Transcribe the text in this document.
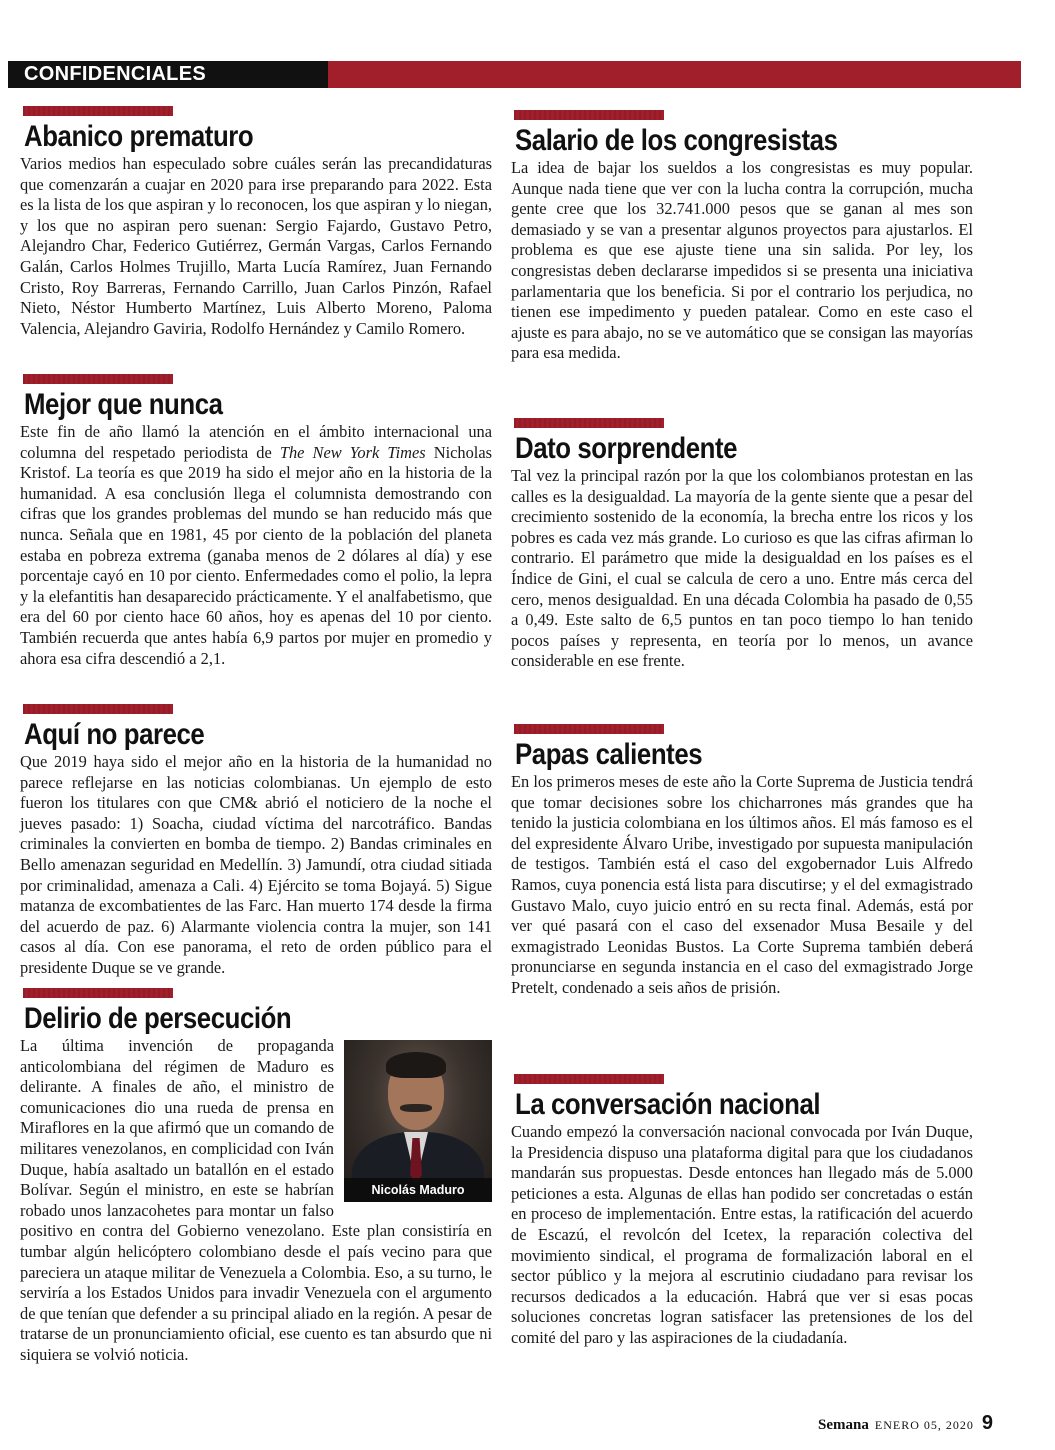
CONFIDENCIALES
Abanico prematuro

Varios medios han especulado sobre cuáles serán las precandidaturas que comenzarán a cuajar en 2020 para irse preparando para 2022. Esta es la lista de los que aspiran y lo reconocen, los que aspiran y lo niegan, y los que no aspiran pero suenan: Sergio Fajardo, Gustavo Petro, Alejandro Char, Federico Gutiérrez, Germán Vargas, Carlos Fernando Galán, Carlos Holmes Trujillo, Marta Lucía Ramírez, Juan Fernando Cristo, Roy Barreras, Fernando Carrillo, Juan Carlos Pinzón, Rafael Nieto, Néstor Humberto Martínez, Luis Alberto Moreno, Paloma Valencia, Alejandro Gaviria, Rodolfo Hernández y Camilo Romero.

Mejor que nunca

Este fin de año llamó la atención en el ámbito internacional una columna del respetado periodista de The New York Times Nicholas Kristof. La teoría es que 2019 ha sido el mejor año en la historia de la humanidad. A esa conclusión llega el columnista demostrando con cifras que los grandes problemas del mundo se han reducido más que nunca. Señala que en 1981, 45 por ciento de la población del planeta estaba en pobreza extrema (ganaba menos de 2 dólares al día) y ese porcentaje cayó en 10 por ciento. Enfermedades como el polio, la lepra y la elefantitis han desaparecido prácticamente. Y el analfabetismo, que era del 60 por ciento hace 60 años, hoy es apenas del 10 por ciento. También recuerda que antes había 6,9 partos por mujer en promedio y ahora esa cifra descendió a 2,1.

Aquí no parece

Que 2019 haya sido el mejor año en la historia de la humanidad no parece reflejarse en las noticias colombianas. Un ejemplo de esto fueron los titulares con que CM& abrió el noticiero de la noche el jueves pasado: 1) Soacha, ciudad víctima del narcotráfico. Bandas criminales la convierten en bomba de tiempo. 2) Bandas criminales en Bello amenazan seguridad en Medellín. 3) Jamundí, otra ciudad sitiada por criminalidad, amenaza a Cali. 4) Ejército se toma Bojayá. 5) Sigue matanza de excombatientes de las Farc. Han muerto 174 desde la firma del acuerdo de paz. 6) Alarmante violencia contra la mujer, son 141 casos al día. Con ese panorama, el reto de orden público para el presidente Duque se ve grande.

Delirio de persecución
Nicolás Maduro

La última invención de propaganda anticolombiana del régimen de Maduro es delirante. A finales de año, el ministro de comunicaciones dio una rueda de prensa en Miraflores en la que afirmó que un comando de militares venezolanos, en complicidad con Iván Duque, había asaltado un batallón en el estado Bolívar. Según el ministro, en este se habrían robado unos lanzacohetes para montar un falso positivo en contra del Gobierno venezolano. Este plan consistiría en tumbar algún helicóptero colombiano desde el país vecino para que pareciera un ataque militar de Venezuela a Colombia. Eso, a su turno, le serviría a los Estados Unidos para invadir Venezuela con el argumento de que tenían que defender a su principal aliado en la región. A pesar de tratarse de un pronunciamiento oficial, ese cuento es tan absurdo que ni siquiera se volvió noticia.

Salario de los congresistas

La idea de bajar los sueldos a los congresistas es muy popular. Aunque nada tiene que ver con la lucha contra la corrupción, mucha gente cree que los 32.741.000 pesos que se ganan al mes son demasiado y se van a presentar algunos proyectos para ajustarlos. El problema es que ese ajuste tiene una sin salida. Por ley, los congresistas deben declararse impedidos si se presenta una iniciativa parlamentaria que los beneficia. Si por el contrario los perjudica, no tienen ese impedimento y pueden patalear. Como en este caso el ajuste es para abajo, no se ve automático que se consigan las mayorías para esa medida.

Dato sorprendente

Tal vez la principal razón por la que los colombianos protestan en las calles es la desigualdad. La mayoría de la gente siente que a pesar del crecimiento sostenido de la economía, la brecha entre los ricos y los pobres es cada vez más grande. Lo curioso es que las cifras afirman lo contrario. El parámetro que mide la desigualdad en los países es el Índice de Gini, el cual se calcula de cero a uno. Entre más cerca del cero, menos desigualdad. En una década Colombia ha pasado de 0,55 a 0,49. Este salto de 6,5 puntos en tan poco tiempo lo han tenido pocos países y representa, en teoría por lo menos, un avance considerable en ese frente.

Papas calientes

En los primeros meses de este año la Corte Suprema de Justicia tendrá que tomar decisiones sobre los chicharrones más grandes que ha tenido la justicia colombiana en los últimos años. El más famoso es el del expresidente Álvaro Uribe, investigado por supuesta manipulación de testigos. También está el caso del exgobernador Luis Alfredo Ramos, cuya ponencia está lista para discutirse; y el del exmagistrado Gustavo Malo, cuyo juicio entró en su recta final. Además, está por ver qué pasará con el caso del exsenador Musa Besaile y del exmagistrado Leonidas Bustos. La Corte Suprema también deberá pronunciarse en segunda instancia en el caso del exmagistrado Jorge Pretelt, condenado a seis años de prisión.

La conversación nacional

Cuando empezó la conversación nacional convocada por Iván Duque, la Presidencia dispuso una plataforma digital para que los ciudadanos mandarán sus propuestas. Desde entonces han llegado más de 5.000 peticiones a esta. Algunas de ellas han podido ser concretadas o están en proceso de implementación. Entre estas, la ratificación del acuerdo de Escazú, el revolcón del Icetex, la reparación colectiva del movimiento sindical, el programa de formalización laboral en el sector público y la mejora al escrutinio ciudadano para revisar los recursos dedicados a la educación. Habrá que ver si esas pocas soluciones concretas logran satisfacer las pretensiones de los del comité del paro y las aspiraciones de la ciudadanía.

Semana ENERO 05, 2020 9
